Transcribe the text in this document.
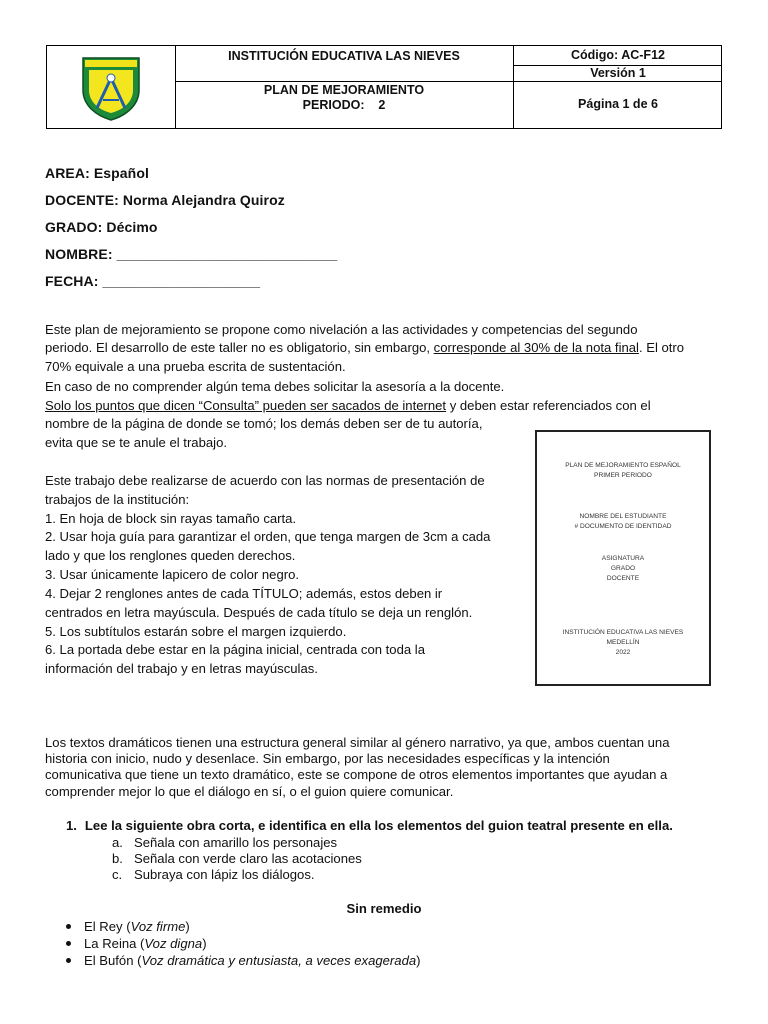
INSTITUCIÓN EDUCATIVA LAS NIEVES	Código: AC-F12
Versión 1
PLAN DE MEJORAMIENTO
PERIODO:    2	Página 1 de 6
AREA: Español
DOCENTE: Norma Alejandra Quiroz
GRADO: Décimo
NOMBRE: ____________________________
FECHA: ____________________
Este plan de mejoramiento se propone como nivelación a las actividades y competencias del segundo
periodo. El desarrollo de este taller no es obligatorio, sin embargo, corresponde al 30% de la nota final. El otro
70% equivale a una prueba escrita de sustentación.
En caso de no comprender algún tema debes solicitar la asesoría a la docente.
Solo los puntos que dicen “Consulta” pueden ser sacados de internet y deben estar referenciados con el
nombre de la página de donde se tomó; los demás deben ser de tu autoría,
evita que se te anule el trabajo.
Este trabajo debe realizarse de acuerdo con las normas de presentación de
trabajos de la institución:
1. En hoja de block sin rayas tamaño carta.
2. Usar hoja guía para garantizar el orden, que tenga margen de 3cm a cada
lado y que los renglones queden derechos.
3. Usar únicamente lapicero de color negro.
4. Dejar 2 renglones antes de cada TÍTULO; además, estos deben ir
centrados en letra mayúscula. Después de cada título se deja un renglón.
5. Los subtítulos estarán sobre el margen izquierdo.
6. La portada debe estar en la página inicial, centrada con toda la
información del trabajo y en letras mayúsculas.
PLAN DE MEJORAMIENTO ESPAÑOL
PRIMER PERIODO
NOMBRE DEL ESTUDIANTE
# DOCUMENTO DE IDENTIDAD
ASIGNATURA
GRADO
DOCENTE
INSTITUCIÓN EDUCATIVA LAS NIEVES
MEDELLÍN
2022
Los textos dramáticos tienen una estructura general similar al género narrativo, ya que, ambos cuentan una
historia con inicio, nudo y desenlace. Sin embargo, por las necesidades específicas y la intención
comunicativa que tiene un texto dramático, este se compone de otros elementos importantes que ayudan a
comprender mejor lo que el diálogo en sí, o el guion quiere comunicar.
1. Lee la siguiente obra corta, e identifica en ella los elementos del guion teatral presente en ella.
a. Señala con amarillo los personajes
b. Señala con verde claro las acotaciones
c. Subraya con lápiz los diálogos.
Sin remedio
El Rey (Voz firme)
La Reina (Voz digna)
El Bufón (Voz dramática y entusiasta, a veces exagerada)
